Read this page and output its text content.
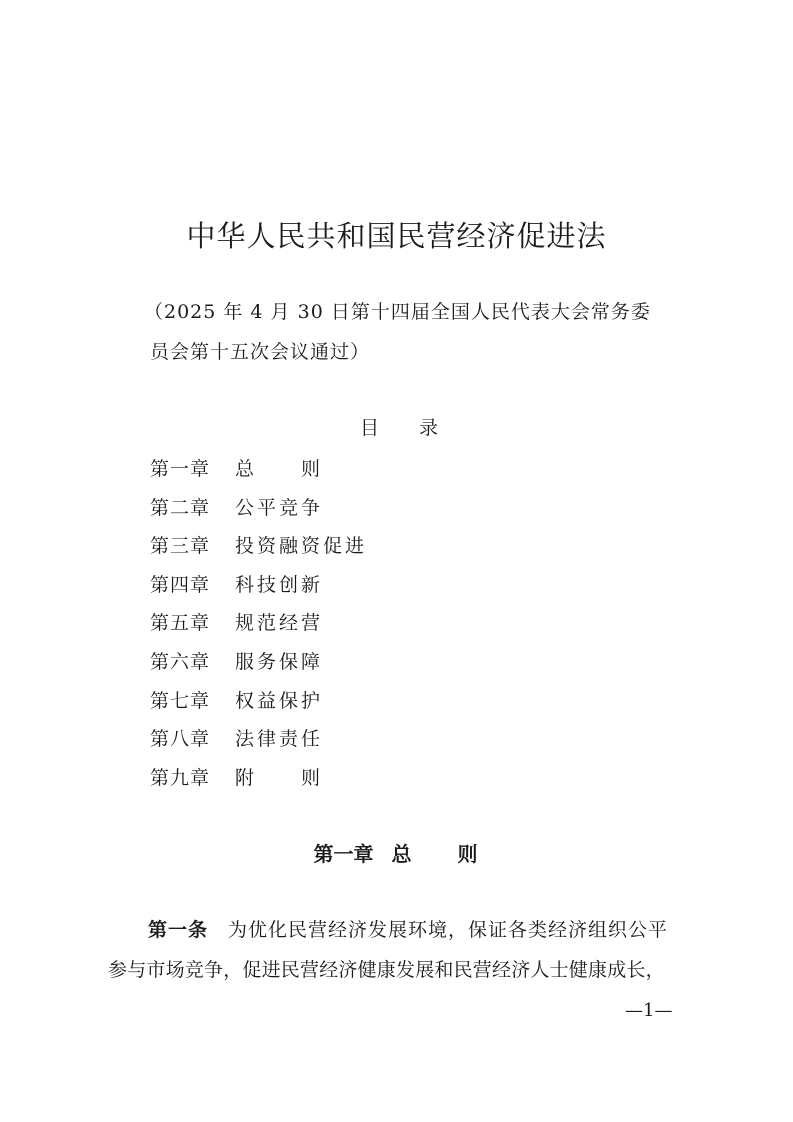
中华人民共和国民营经济促进法
（2025 年 4 月 30 日第十四届全国人民代表大会常务委
员会第十五次会议通过）
目 录
第一章 总　　则
第二章 公平竞争
第三章 投资融资促进
第四章 科技创新
第五章 规范经营
第六章 服务保障
第七章 权益保护
第八章 法律责任
第九章 附　　则
第一章 总　　则
第一条 为优化民营经济发展环境，保证各类经济组织公平
参与市场竞争，促进民营经济健康发展和民营经济人士健康成长，
—1—
